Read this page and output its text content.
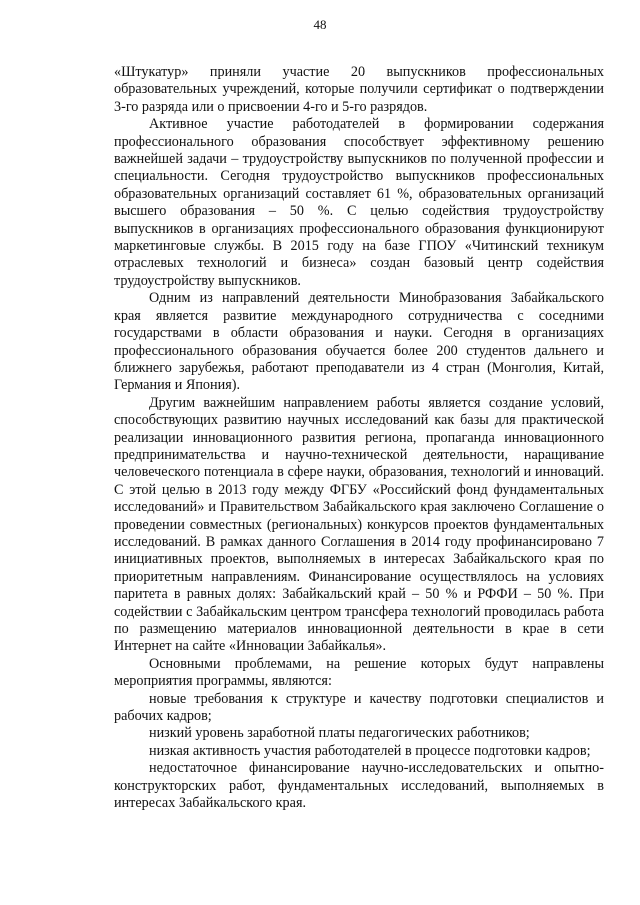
48

«Штукатур» приняли участие 20 выпускников профессиональных образовательных учреждений, которые получили сертификат о подтверждении 3-го разряда или о присвоении 4-го и 5-го разрядов.

Активное участие работодателей в формировании содержания профессионального образования способствует эффективному решению важнейшей задачи – трудоустройству выпускников по полученной профессии и специальности. Сегодня трудоустройство выпускников профессиональных образовательных организаций составляет 61 %, образовательных организаций высшего образования – 50 %. С целью содействия трудоустройству выпускников в организациях профессионального образования функционируют маркетинговые службы. В 2015 году на базе ГПОУ «Читинский техникум отраслевых технологий и бизнеса» создан базовый центр содействия трудоустройству выпускников.

Одним из направлений деятельности Минобразования Забайкальского края является развитие международного сотрудничества с соседними государствами в области образования и науки. Сегодня в организациях профессионального образования обучается более 200 студентов дальнего и ближнего зарубежья, работают преподаватели из 4 стран (Монголия, Китай, Германия и Япония).

Другим важнейшим направлением работы является создание условий, способствующих развитию научных исследований как базы для практической реализации инновационного развития региона, пропаганда инновационного предпринимательства и научно-технической деятельности, наращивание человеческого потенциала в сфере науки, образования, технологий и инноваций. С этой целью в 2013 году между ФГБУ «Российский фонд фундаментальных исследований» и Правительством Забайкальского края заключено Соглашение о проведении совместных (региональных) конкурсов проектов фундаментальных исследований. В рамках данного Соглашения в 2014 году профинансировано 7 инициативных проектов, выполняемых в интересах Забайкальского края по приоритетным направлениям. Финансирование осуществлялось на условиях паритета в равных долях: Забайкальский край – 50 % и РФФИ – 50 %. При содействии с Забайкальским центром трансфера технологий проводилась работа по размещению материалов инновационной деятельности в крае в сети Интернет на сайте «Инновации Забайкалья».

Основными проблемами, на решение которых будут направлены мероприятия программы, являются:

новые требования к структуре и качеству подготовки специалистов и рабочих кадров;

низкий уровень заработной платы педагогических работников;

низкая активность участия работодателей в процессе подготовки кадров;

недостаточное финансирование научно-исследовательских и опытно-конструкторских работ, фундаментальных исследований, выполняемых в интересах Забайкальского края.
